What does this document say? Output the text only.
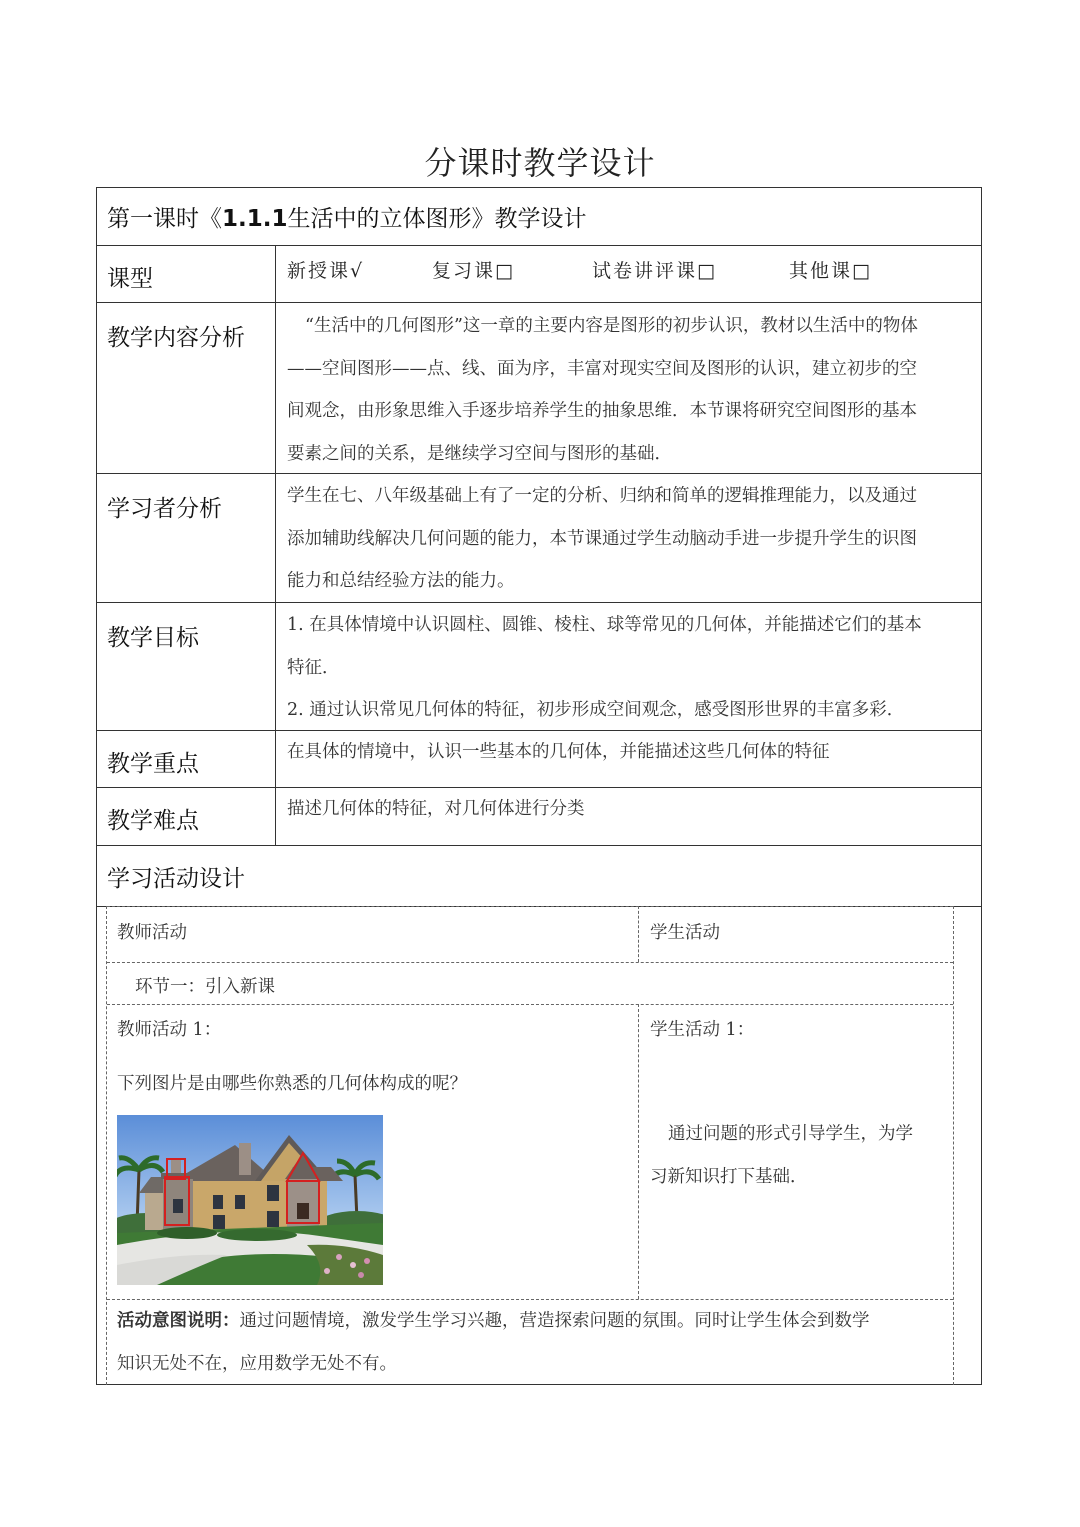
分课时教学设计
第一课时《1.1.1生活中的立体图形》教学设计
课型	新授课√	复习课□	试卷讲评课□	其他课□
教学内容分析	“生活中的几何图形”这一章的主要内容是图形的初步认识，教材以生活中的物体
——空间图形——点、线、面为序，丰富对现实空间及图形的认识，建立初步的空
间观念，由形象思维入手逐步培养学生的抽象思维．本节课将研究空间图形的基本
要素之间的关系，是继续学习空间与图形的基础．
学习者分析	学生在七、八年级基础上有了一定的分析、归纳和简单的逻辑推理能力，以及通过
添加辅助线解决几何问题的能力，本节课通过学生动脑动手进一步提升学生的识图
能力和总结经验方法的能力。
教学目标	1. 在具体情境中认识圆柱、圆锥、棱柱、球等常见的几何体，并能描述它们的基本
特征．
2. 通过认识常见几何体的特征，初步形成空间观念，感受图形世界的丰富多彩．
教学重点	在具体的情境中，认识一些基本的几何体，并能描述这些几何体的特征
教学难点	描述几何体的特征，对几何体进行分类
学习活动设计
教师活动	学生活动
环节一：引入新课
教师活动 1：
下列图片是由哪些你熟悉的几何体构成的呢？
学生活动 1：
通过问题的形式引导学生，为学
习新知识打下基础．
活动意图说明：通过问题情境，激发学生学习兴趣，营造探索问题的氛围。同时让学生体会到数学
知识无处不在，应用数学无处不有。
